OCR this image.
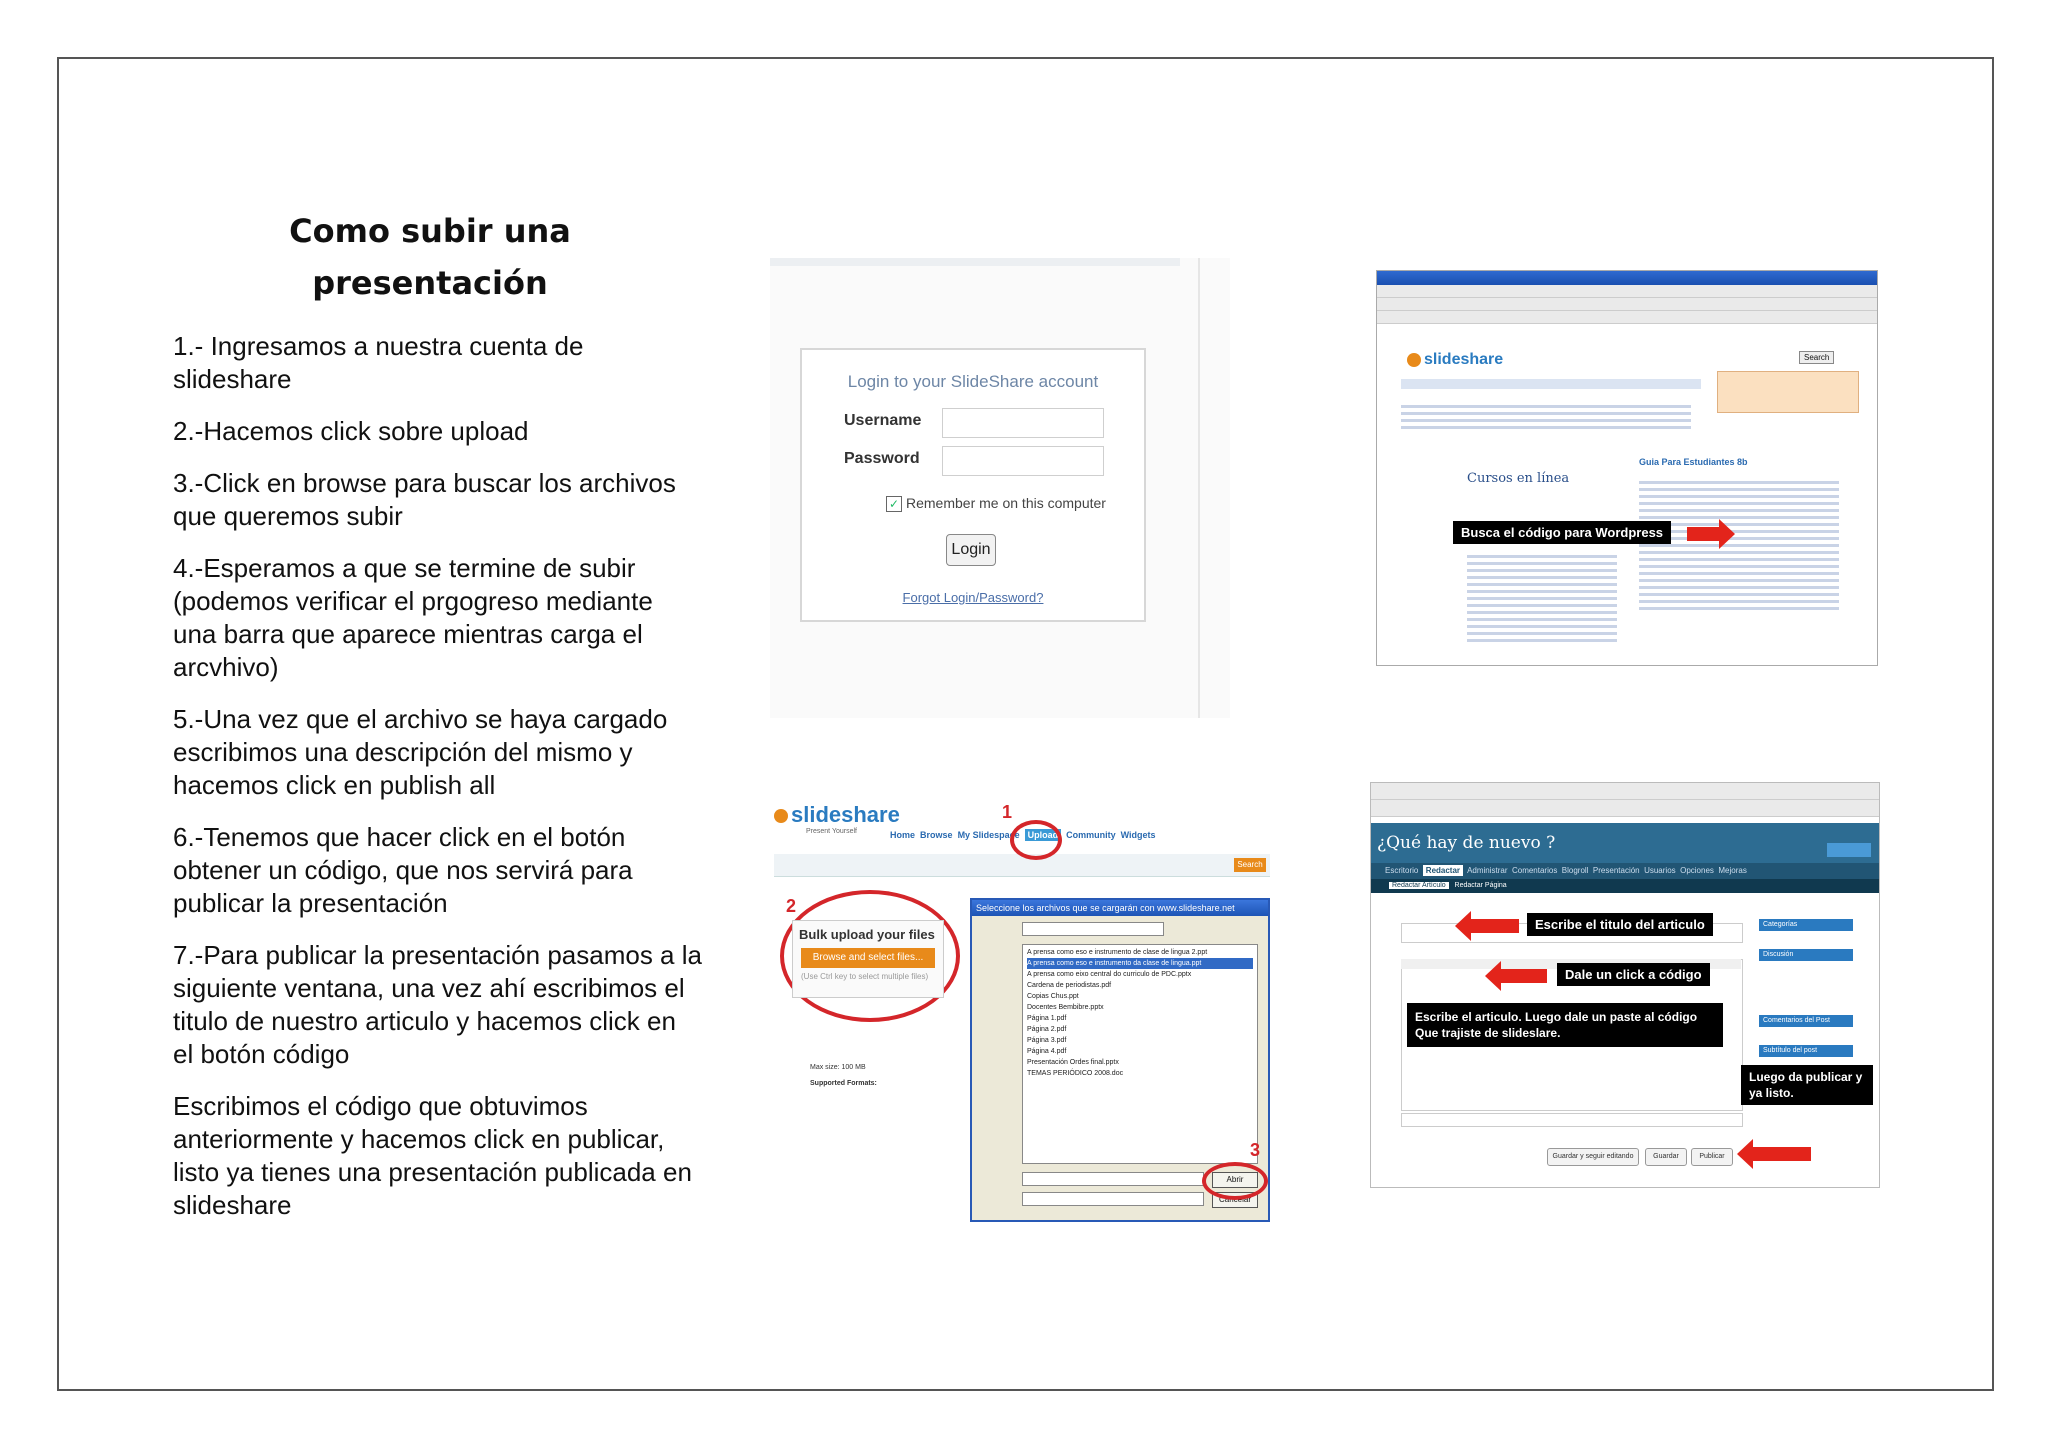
Como subir una presentación

1.- Ingresamos a nuestra cuenta de slideshare

2.-Hacemos click sobre upload

3.-Click en browse para buscar los archivos que queremos subir

4.-Esperamos a que se termine de subir (podemos verificar el prgogreso mediante una barra que aparece mientras carga el arcvhivo)

5.-Una vez que el archivo se haya cargado escribimos una descripción del mismo y hacemos click en publish all

6.-Tenemos que hacer click en el botón obtener un código, que nos servirá para publicar la presentación

7.-Para publicar la presentación pasamos a la siguiente ventana, una vez ahí escribimos el titulo de nuestro articulo y hacemos click en el botón código

Escribimos el código que obtuvimos anteriormente y hacemos click en publicar, listo ya tienes una presentación publicada en slideshare

Login to your SlideShare account
Username
Password
✓ Remember me on this computer
Login
Forgot Login/Password?
slideshare	Search
Cursos en línea
Guia Para Estudiantes 8b
Busca el código para Wordpress
slideshare
Present Yourself	Home Browse My Slidespace Upload Community Widgets
Search
1
2
Bulk upload your files
Browse and select files...
(Use Ctrl key to select multiple files)
Max size: 100 MB
Supported Formats:
Seleccione los archivos que se cargarán con www.slideshare.net
A prensa como eso e instrumento de clase de lingua 2.ppt
A prensa como eso e instrumento da clase de lingua.ppt
A prensa como eixo central do curriculo de PDC.pptx
Cardena de periodistas.pdf
Copias Chus.ppt
Docentes Bembibre.pptx
Página 1.pdf
Página 2.pdf
Página 3.pdf
Página 4.pdf
Presentación Ordes final.pptx
TEMAS PERIÓDICO 2008.doc
Abrir
Cancelar
3
¿Qué hay de nuevo ?
Escritorio Redactar Administrar Comentarios Blogroll Presentación Usuarios Opciones Mejoras
Redactar Artículo Redactar Página
Categorías
Discusión
Comentarios del Post
Subtítulo del post
Guardar y seguir editando	Guardar	Publicar
Escribe el titulo del articulo
Dale un click a código
Escribe el articulo. Luego dale un paste al código Que trajiste de slideslare.
Luego da publicar y ya listo.
